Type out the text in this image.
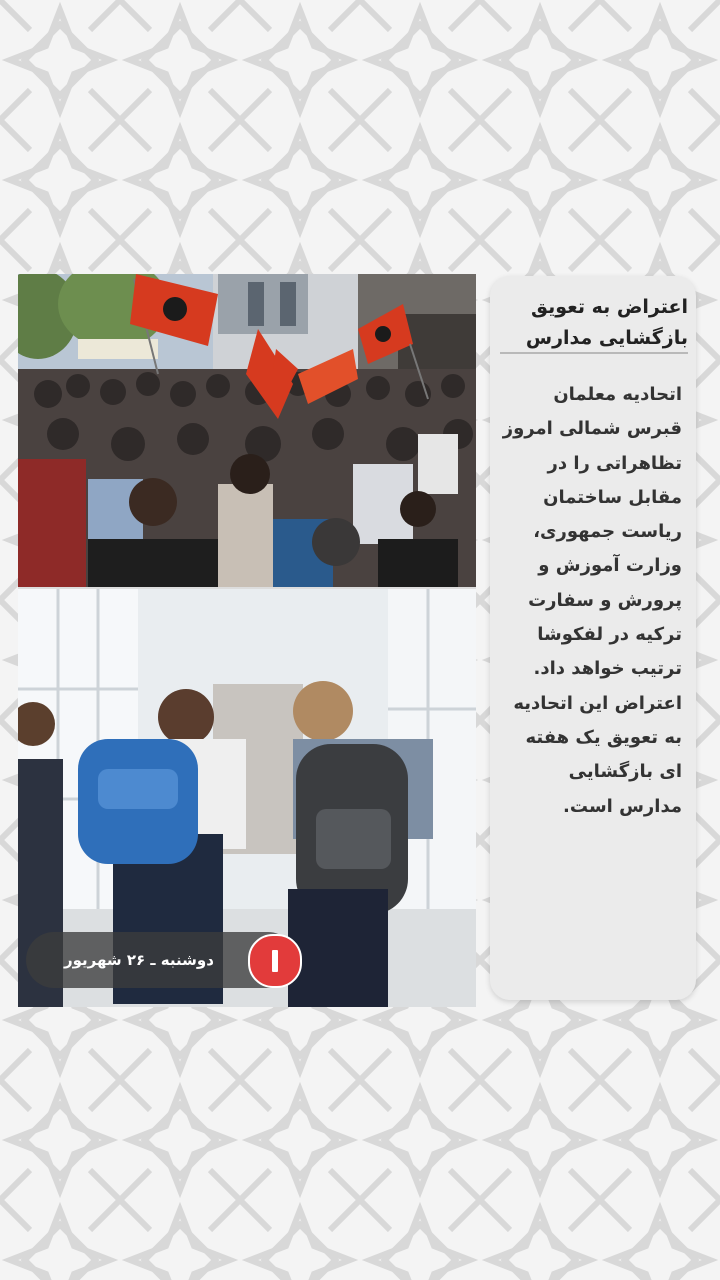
دوشنبه ـ ۲۶ شهریور
اعتراض به تعویق بازگشایی مدارس
اتحادیه معلمان قبرس شمالی امروز تظاهراتی را در مقابل ساختمان ریاست جمهوری، وزارت آموزش و پرورش و سفارت ترکیه در لفکوشا ترتیب خواهد داد. اعتراض این اتحادیه به تعویق یک هفته ای بازگشایی مدارس است.
